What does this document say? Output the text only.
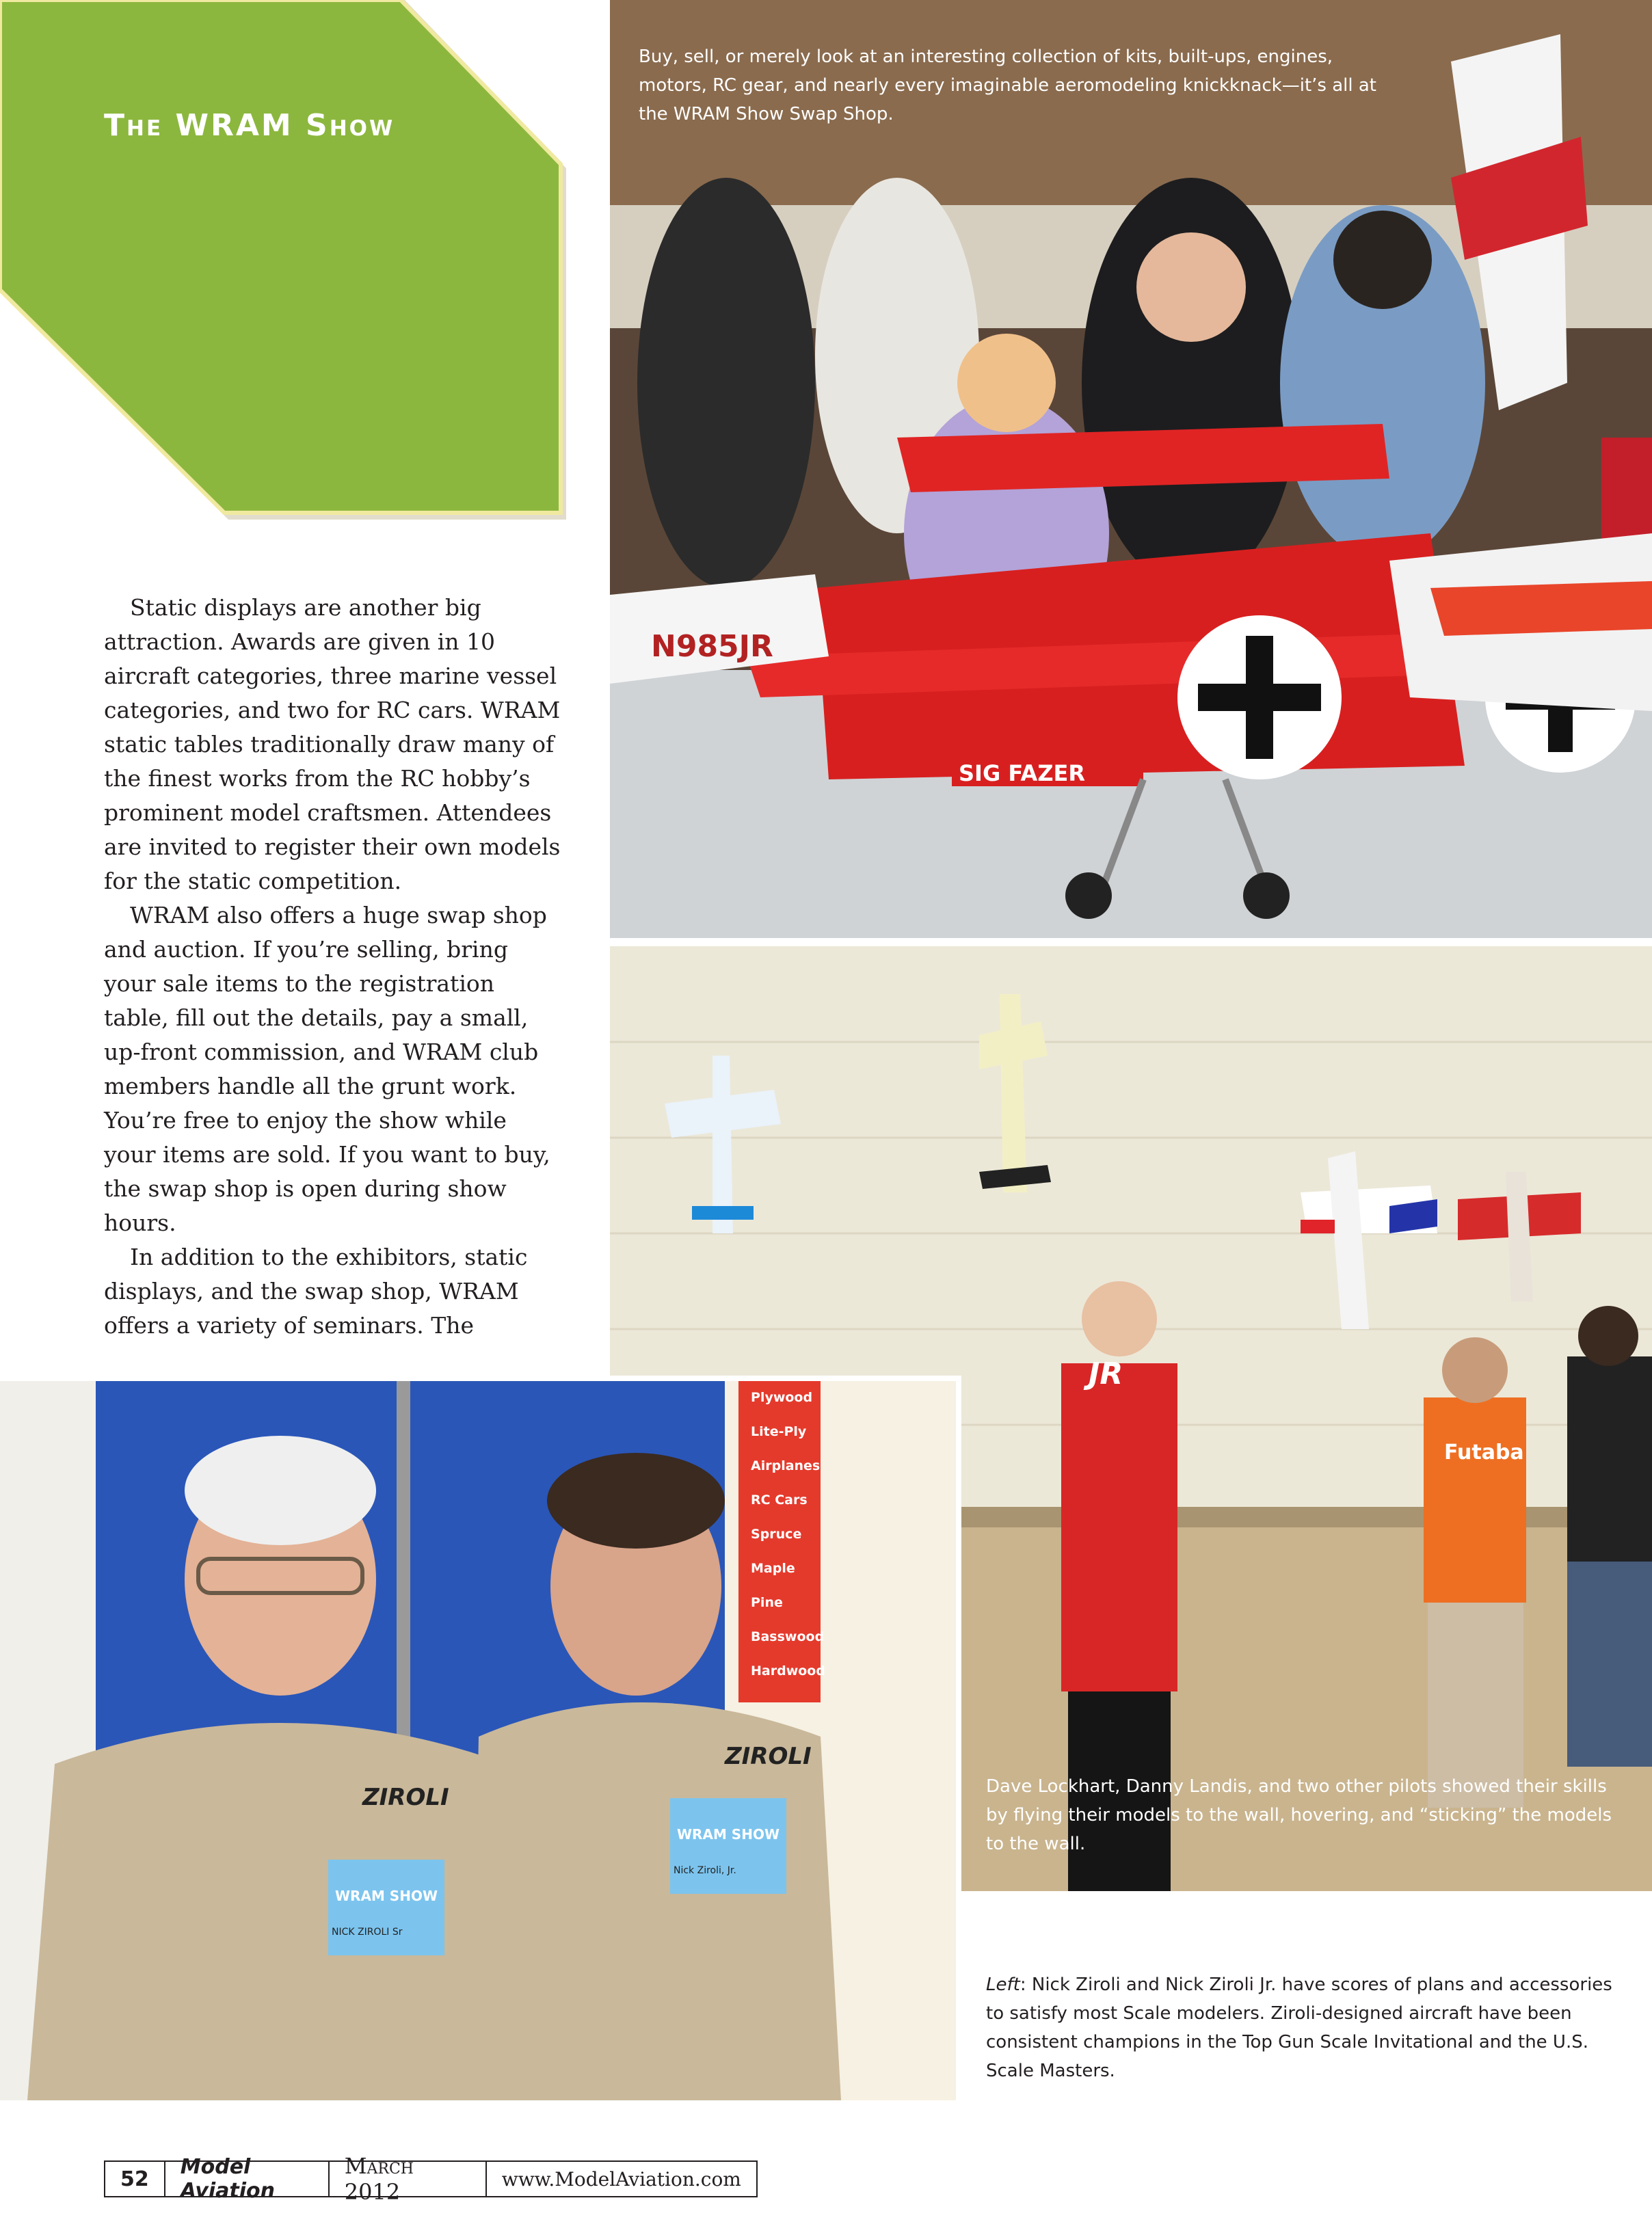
The WRAM Show

Static displays are another big attraction. Awards are given in 10 aircraft categories, three marine vessel categories, and two for RC cars. WRAM static tables traditionally draw many of the finest works from the RC hobby’s prominent model craftsmen. Attendees are invited to register their own models for the static competition.

WRAM also offers a huge swap shop and auction. If you’re selling, bring your sale items to the registration table, fill out the details, pay a small, up-front commission, and WRAM club members handle all the grunt work. You’re free to enjoy the show while your items are sold. If you want to buy, the swap shop is open during show hours.

In addition to the exhibitors, static displays, and the swap shop, WRAM offers a variety of seminars. The

SIG FAZER
N985JR

Buy, sell, or merely look at an interesting collection of kits, built-ups, engines, motors, RC gear, and nearly every imaginable aeromodeling knickknack—it’s all at the WRAM Show Swap Shop.

JR
Futaba

Dave Lockhart, Danny Landis, and two other pilots showed their skills by flying their models to the wall, hovering, and “sticking” the models to the wall.

Plywood
Lite-Ply
Airplanes
RC Cars
Spruce
Maple
Pine
Basswood
Hardwood
WRAM SHOW
NICK ZIROLI Sr
ZIROLI
WRAM SHOW
Nick Ziroli, Jr.
ZIROLI

Left: Nick Ziroli and Nick Ziroli Jr. have scores of plans and accessories to satisfy most Scale modelers. Ziroli-designed aircraft have been consistent champions in the Top Gun Scale Invitational and the U.S. Scale Masters.

52	Model Aviation
March 2012	www.ModelAviation.com
